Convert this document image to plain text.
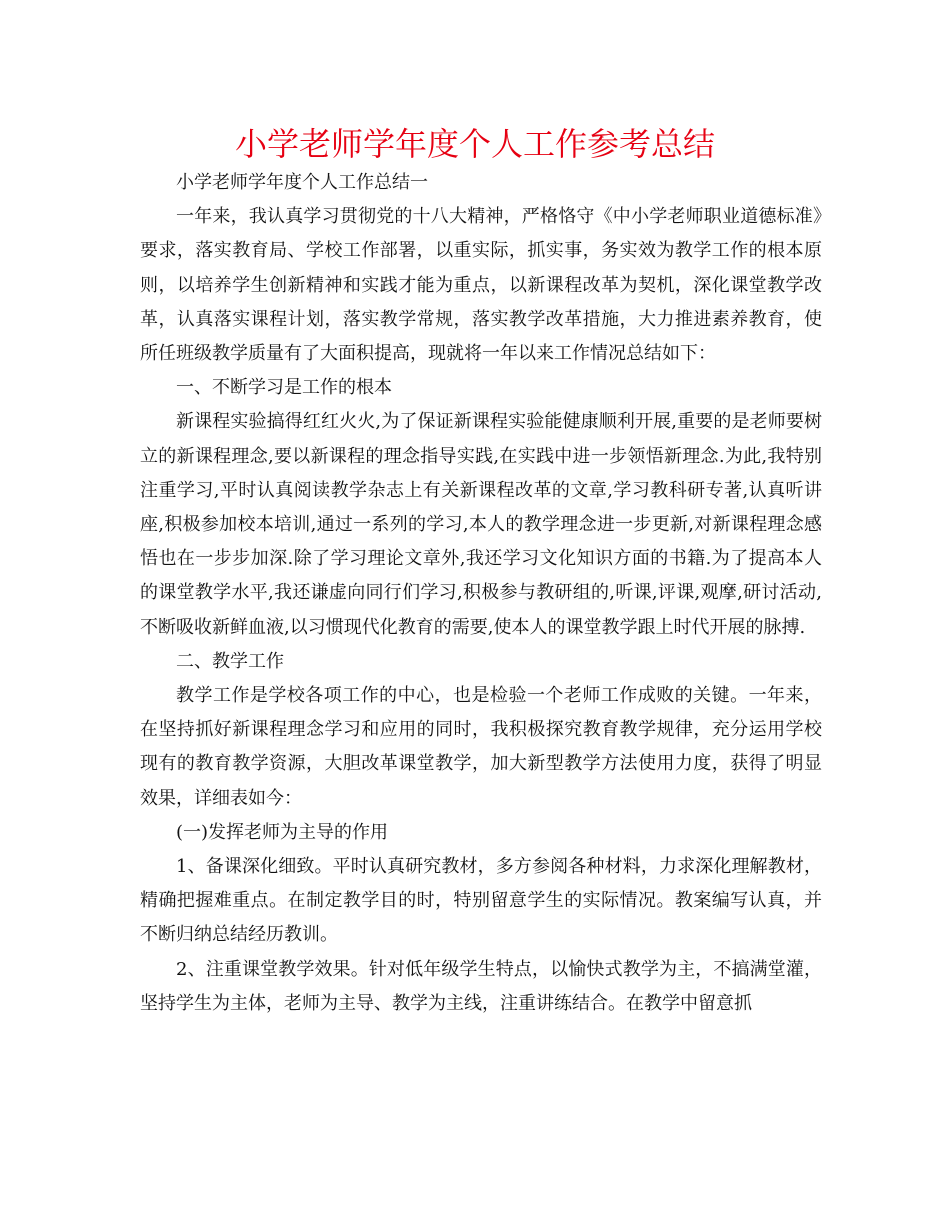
小学老师学年度个人工作参考总结

小学老师学年度个人工作总结一

一年来，我认真学习贯彻党的十八大精神，严格恪守《中小学老师职业道德标准》要求，落实教育局、学校工作部署，以重实际，抓实事，务实效为教学工作的根本原则，以培养学生创新精神和实践才能为重点，以新课程改革为契机，深化课堂教学改革，认真落实课程计划，落实教学常规，落实教学改革措施，大力推进素养教育，使所任班级教学质量有了大面积提高，现就将一年以来工作情况总结如下：

一、不断学习是工作的根本

新课程实验搞得红红火火,为了保证新课程实验能健康顺利开展,重要的是老师要树立的新课程理念,要以新课程的理念指导实践,在实践中进一步领悟新理念.为此,我特别注重学习,平时认真阅读教学杂志上有关新课程改革的文章,学习教科研专著,认真听讲座,积极参加校本培训,通过一系列的学习,本人的教学理念进一步更新,对新课程理念感悟也在一步步加深.除了学习理论文章外,我还学习文化知识方面的书籍.为了提高本人的课堂教学水平,我还谦虚向同行们学习,积极参与教研组的,听课,评课,观摩,研讨活动,不断吸收新鲜血液,以习惯现代化教育的需要,使本人的课堂教学跟上时代开展的脉搏.

二、教学工作

教学工作是学校各项工作的中心，也是检验一个老师工作成败的关键。一年来，在坚持抓好新课程理念学习和应用的同时，我积极探究教育教学规律，充分运用学校现有的教育教学资源，大胆改革课堂教学，加大新型教学方法使用力度，获得了明显效果，详细表如今：

(一)发挥老师为主导的作用

1、备课深化细致。平时认真研究教材，多方参阅各种材料，力求深化理解教材，精确把握难重点。在制定教学目的时，特别留意学生的实际情况。教案编写认真，并不断归纳总结经历教训。

2、注重课堂教学效果。针对低年级学生特点，以愉快式教学为主，不搞满堂灌，坚持学生为主体，老师为主导、教学为主线，注重讲练结合。在教学中留意抓
